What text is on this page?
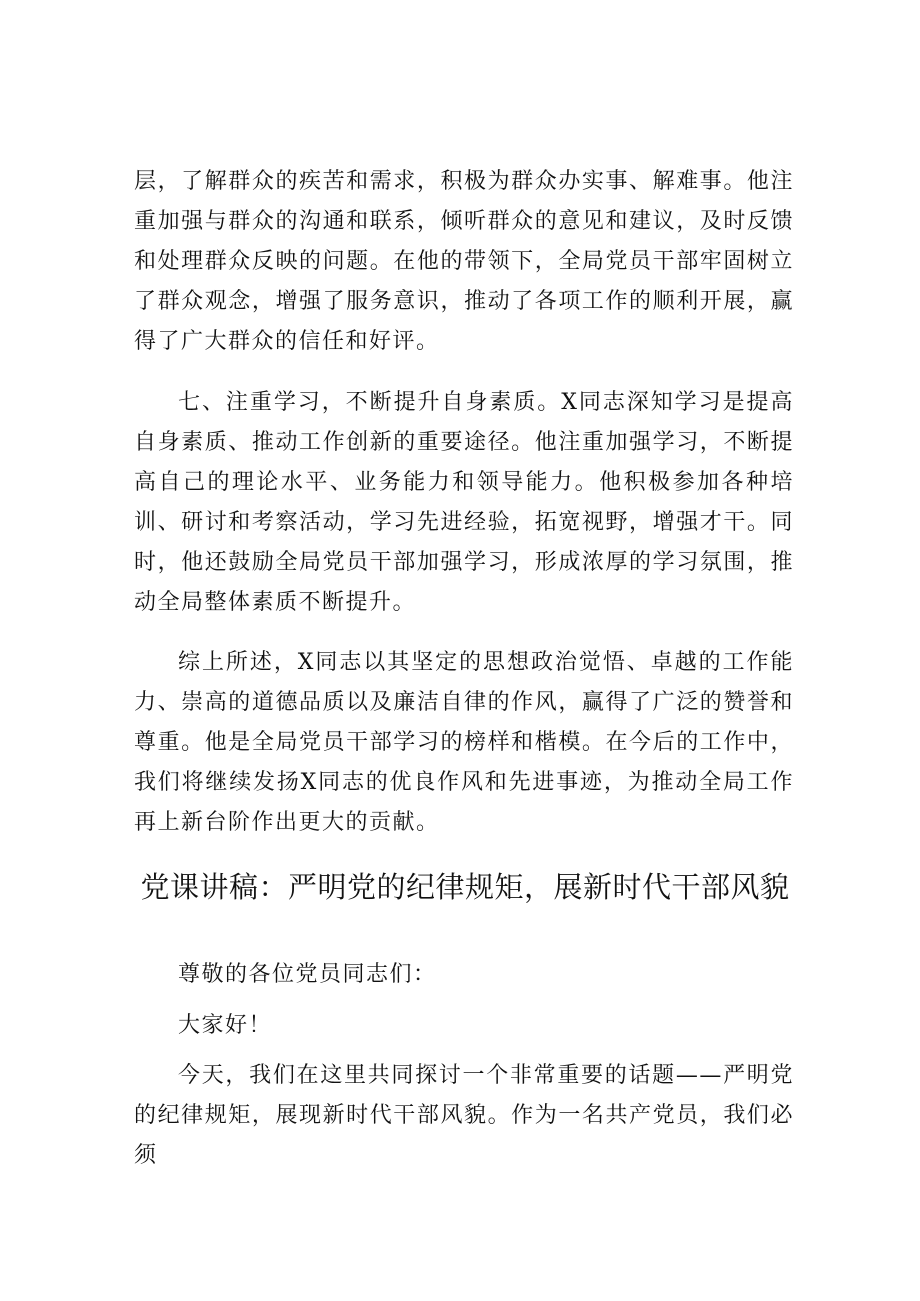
层，了解群众的疾苦和需求，积极为群众办实事、解难事。他注重加强与群众的沟通和联系，倾听群众的意见和建议，及时反馈和处理群众反映的问题。在他的带领下，全局党员干部牢固树立了群众观念，增强了服务意识，推动了各项工作的顺利开展，赢得了广大群众的信任和好评。

七、注重学习，不断提升自身素质。X同志深知学习是提高自身素质、推动工作创新的重要途径。他注重加强学习，不断提高自己的理论水平、业务能力和领导能力。他积极参加各种培训、研讨和考察活动，学习先进经验，拓宽视野，增强才干。同时，他还鼓励全局党员干部加强学习，形成浓厚的学习氛围，推动全局整体素质不断提升。

综上所述，X同志以其坚定的思想政治觉悟、卓越的工作能力、崇高的道德品质以及廉洁自律的作风，赢得了广泛的赞誉和尊重。他是全局党员干部学习的榜样和楷模。在今后的工作中，我们将继续发扬X同志的优良作风和先进事迹，为推动全局工作再上新台阶作出更大的贡献。

党课讲稿：严明党的纪律规矩，展新时代干部风貌

尊敬的各位党员同志们：

大家好！

今天，我们在这里共同探讨一个非常重要的话题——严明党的纪律规矩，展现新时代干部风貌。作为一名共产党员，我们必须
